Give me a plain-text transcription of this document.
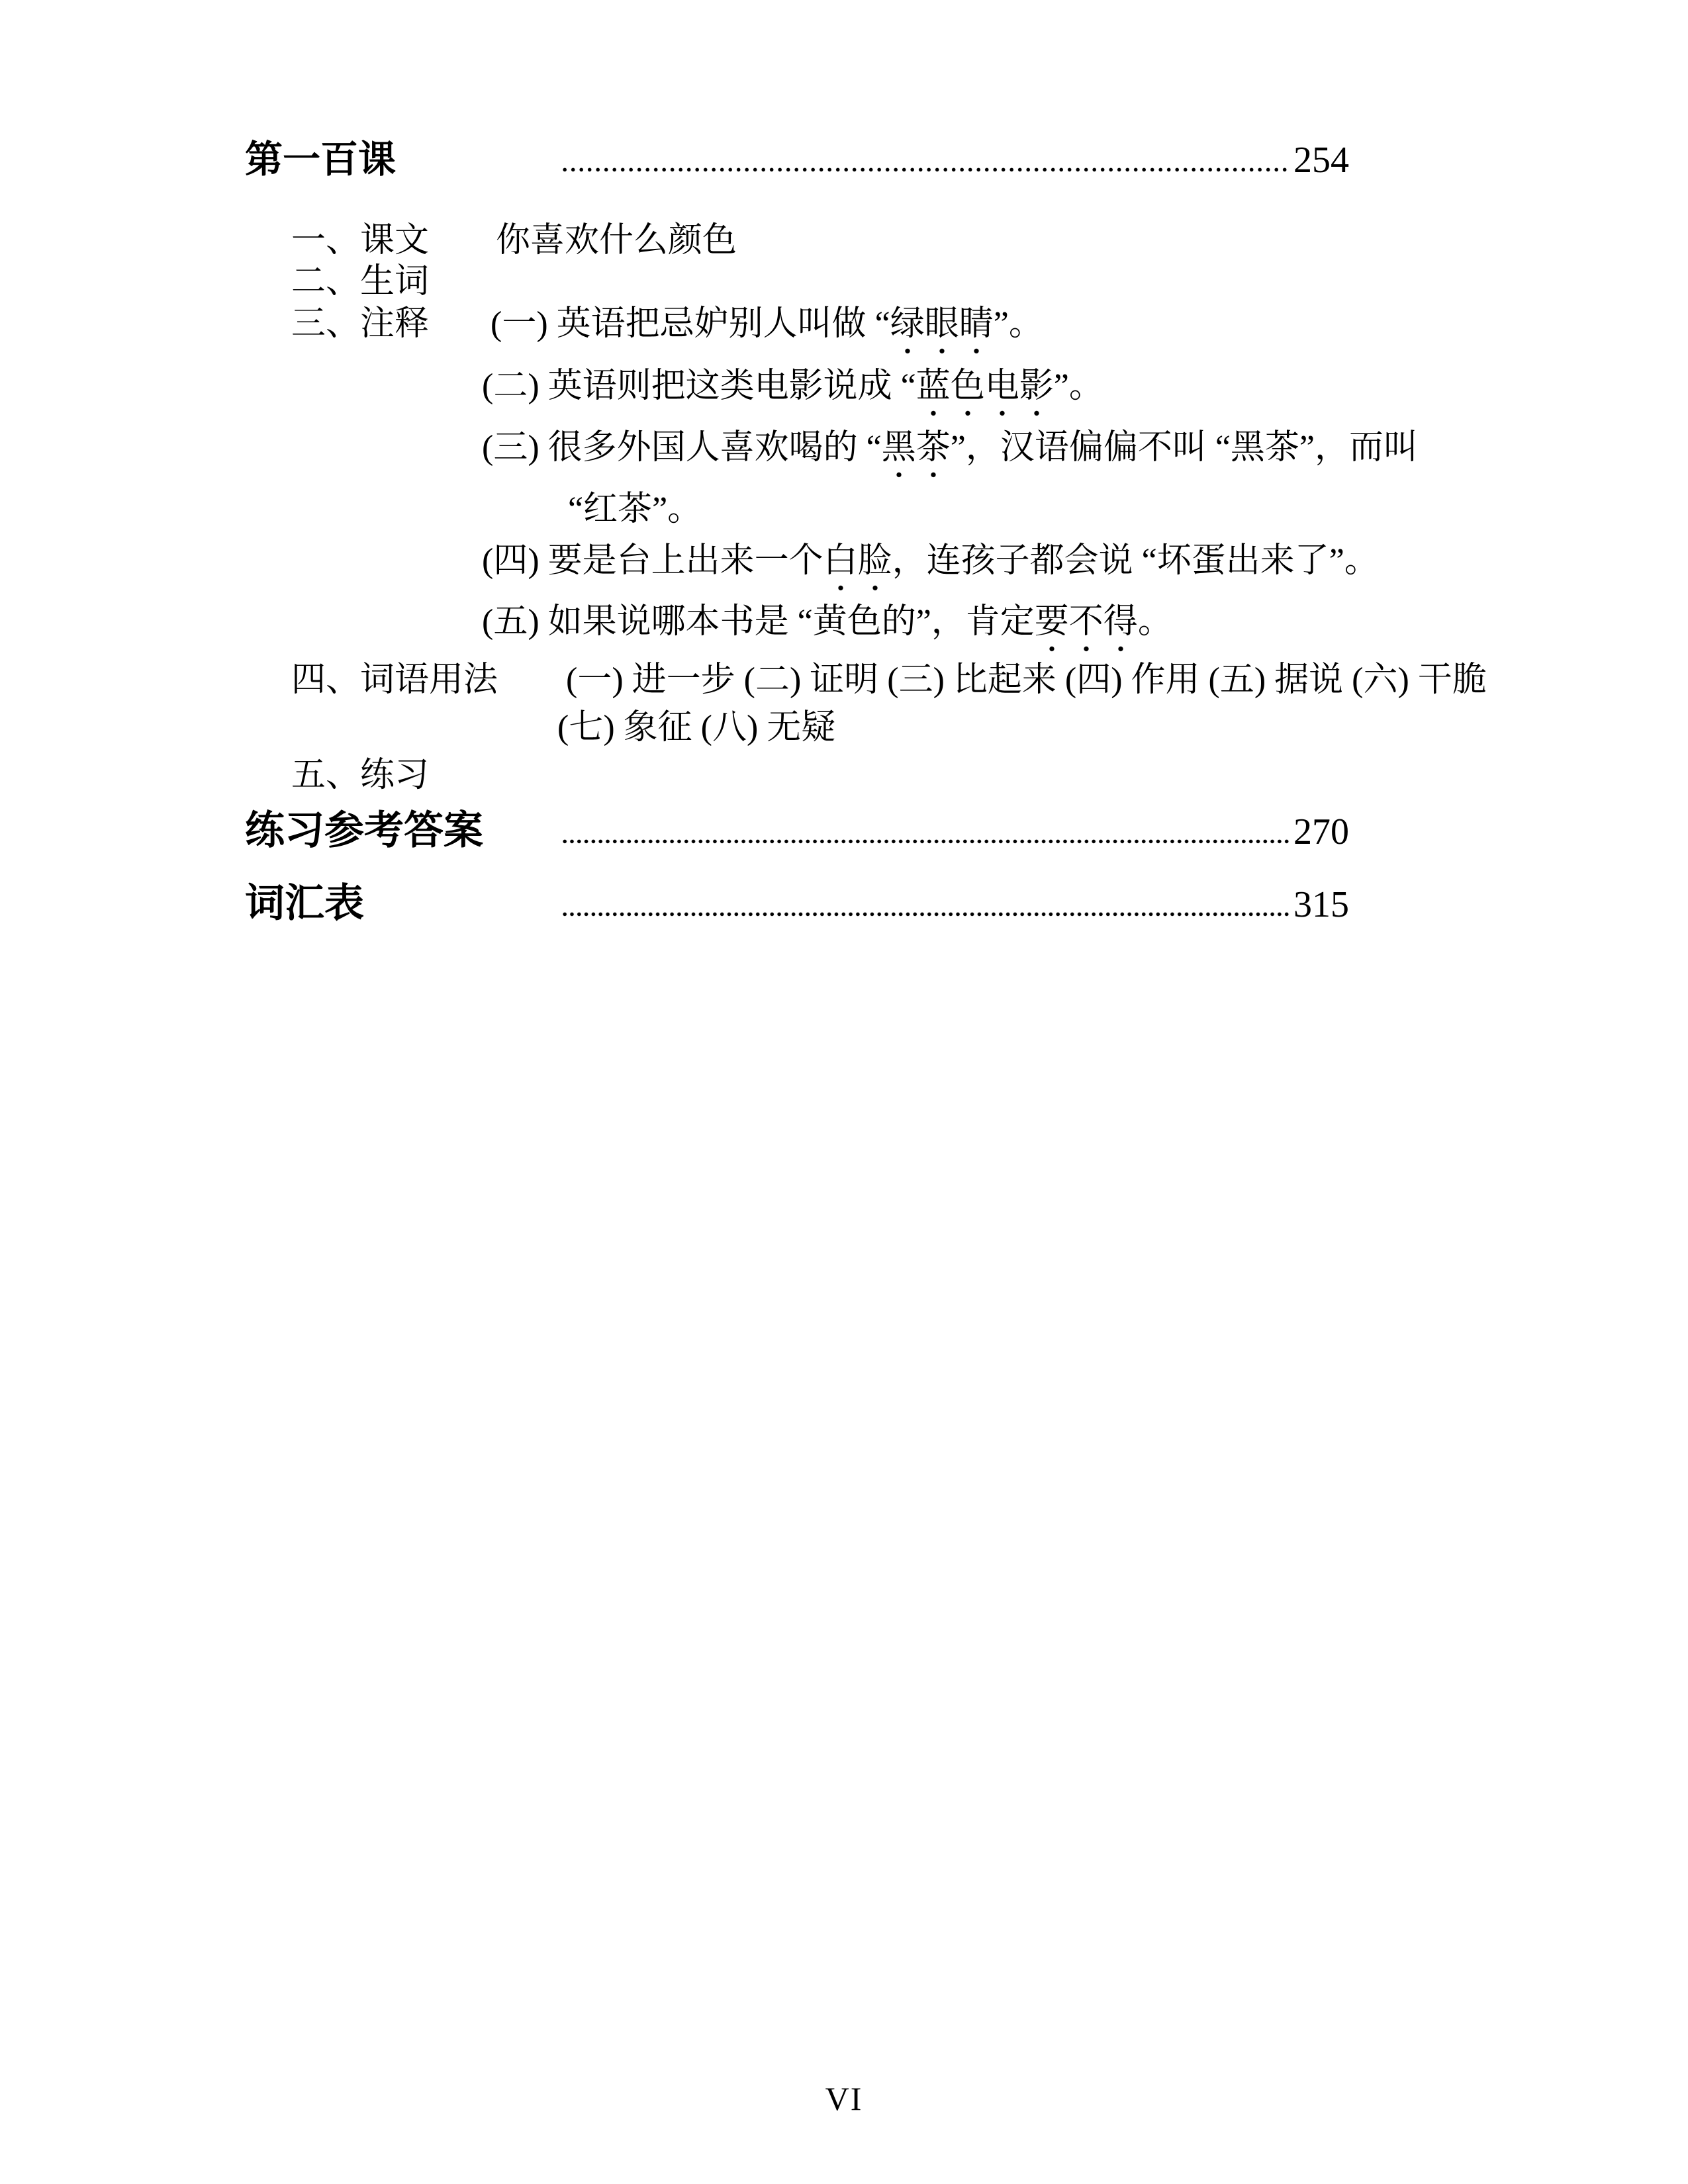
第一百课	254
一、课文 你喜欢什么颜色
二、生词
三、注释 (一) 英语把忌妒别人叫做 “绿眼睛”。
(二) 英语则把这类电影说成 “蓝色电影”。
(三) 很多外国人喜欢喝的 “黑茶”，汉语偏偏不叫 “黑茶”，而叫
“红茶”。
(四) 要是台上出来一个白脸，连孩子都会说 “坏蛋出来了”。
(五) 如果说哪本书是 “黄色的”，肯定要不得。
四、词语用法 (一) 进一步 (二) 证明 (三) 比起来 (四) 作用 (五) 据说 (六) 干脆
(七) 象征 (八) 无疑
五、练习
练习参考答案	270
词汇表	315
VI
